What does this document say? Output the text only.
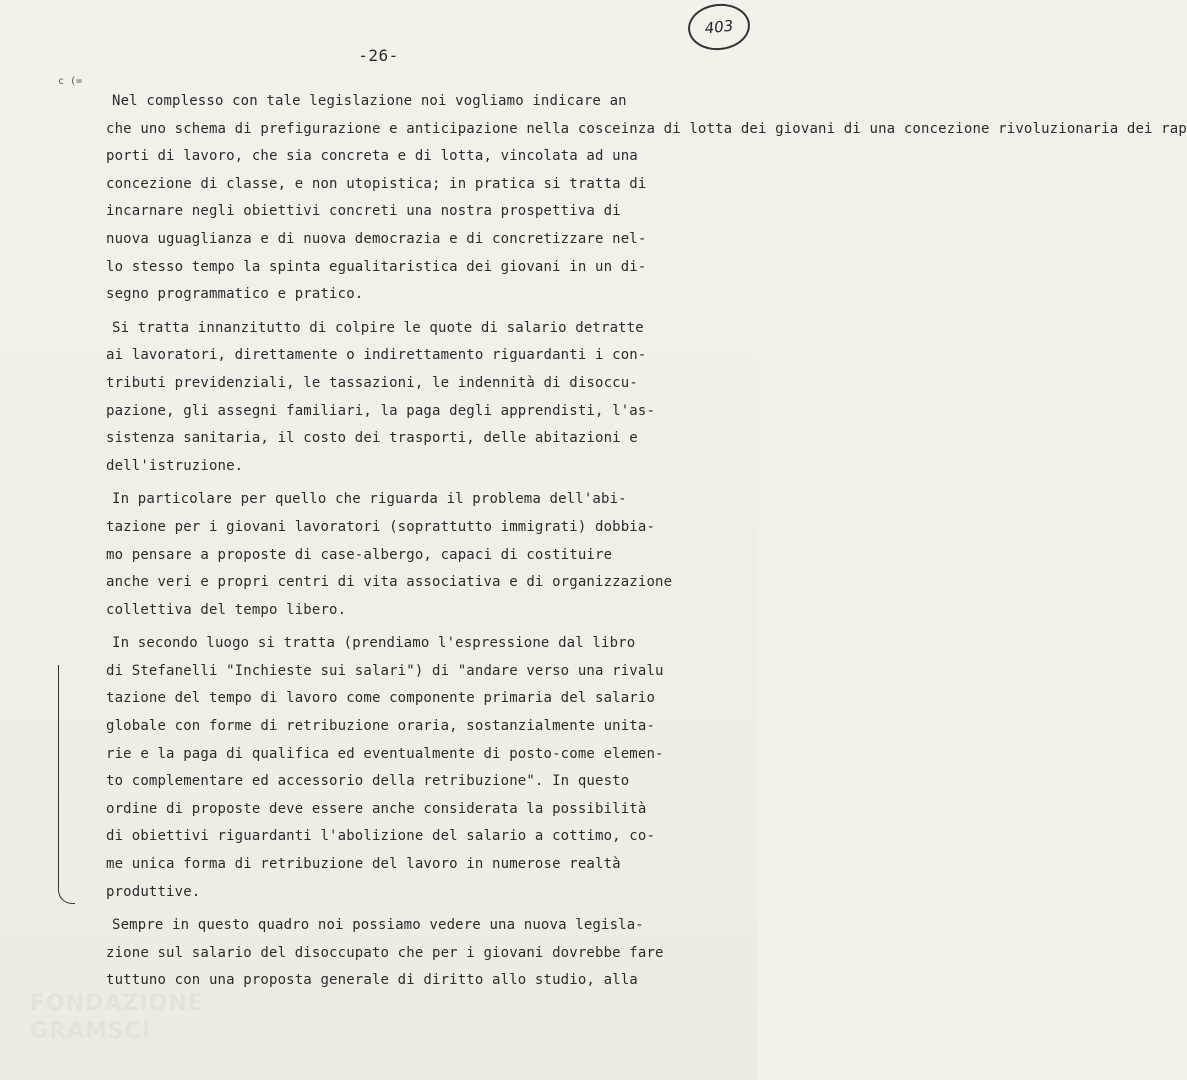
403
-26-
c (=
Nel complesso con tale legislazione noi vogliamo indicare an
che uno schema di prefigurazione e anticipazione nella cosceinza di lotta dei giovani di una concezione rivoluzionaria dei rap
porti di lavoro, che sia concreta e di lotta, vincolata ad una
concezione di classe, e non utopistica; in pratica si tratta di
incarnare negli obiettivi concreti una nostra prospettiva di
nuova uguaglianza e di nuova democrazia e di concretizzare nel-
lo stesso tempo la spinta egualitaristica dei giovani in un di-
segno programmatico e pratico.
Si tratta innanzitutto di colpire le quote di salario detratte
ai lavoratori, direttamente o indirettamento riguardanti i con-
tributi previdenziali, le tassazioni, le indennità di disoccu-
pazione, gli assegni familiari, la paga degli apprendisti, l'as-
sistenza sanitaria, il costo dei trasporti, delle abitazioni e
dell'istruzione.
In particolare per quello che riguarda il problema dell'abi-
tazione per i giovani lavoratori (soprattutto immigrati) dobbia-
mo pensare a proposte di case-albergo, capaci di costituire
anche veri e propri centri di vita associativa e di organizzazione
collettiva del tempo libero.
In secondo luogo si tratta (prendiamo l'espressione dal libro
di Stefanelli "Inchieste sui salari") di "andare verso una rivalu
tazione del tempo di lavoro come componente primaria del salario
globale con forme di retribuzione oraria, sostanzialmente unita-
rie e la paga di qualifica ed eventualmente di posto-come elemen-
to complementare ed accessorio della retribuzione". In questo
ordine di proposte deve essere anche considerata la possibilità
di obiettivi riguardanti l'abolizione del salario a cottimo, co-
me unica forma di retribuzione del lavoro in numerose realtà
produttive.
Sempre in questo quadro noi possiamo vedere una nuova legisla-
zione sul salario del disoccupato che per i giovani dovrebbe fare
tuttuno con una proposta generale di diritto allo studio, alla
FONDAZIONE
GRAMSCI
